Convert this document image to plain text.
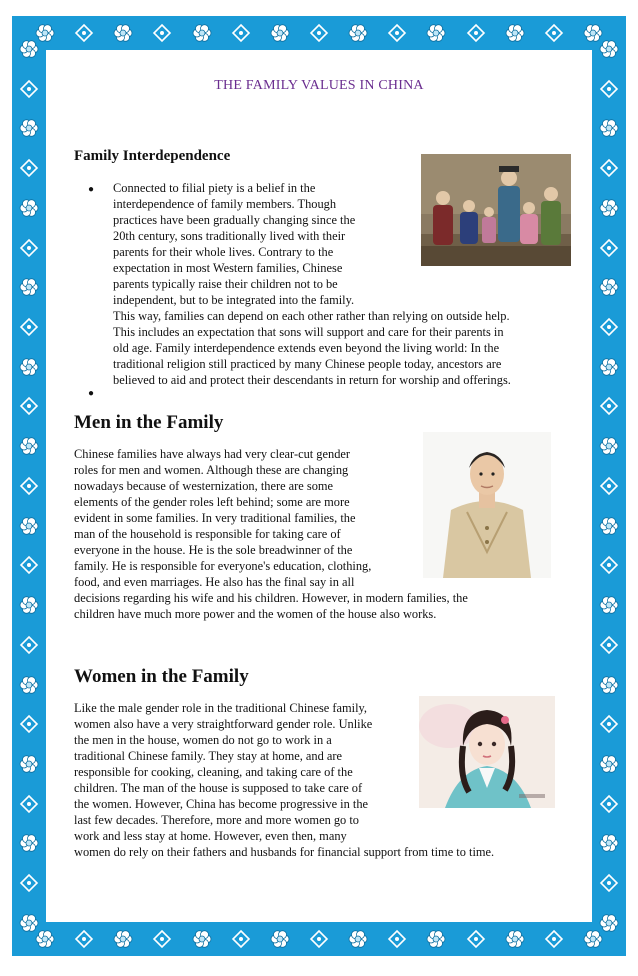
THE FAMILY VALUES IN CHINA
Family Interdependence
● Connected to filial piety is a belief in the
interdependence of family members. Though
practices have been gradually changing since the
20th century, sons traditionally lived with their
parents for their whole lives. Contrary to the
expectation in most Western families, Chinese
parents typically raise their children not to be
independent, but to be integrated into the family.
This way, families can depend on each other rather than relying on outside help.
This includes an expectation that sons will support and care for their parents in
old age. Family interdependence extends even beyond the living world: In the
traditional religion still practiced by many Chinese people today, ancestors are
believed to aid and protect their descendants in return for worship and offerings.
●
Men in the Family
Chinese families have always had very clear-cut gender
roles for men and women. Although these are changing
nowadays because of westernization, there are some
elements of the gender roles left behind; some are more
evident in some families. In very traditional families, the
man of the household is responsible for taking care of
everyone in the house. He is the sole breadwinner of the
family. He is responsible for everyone's education, clothing,
food, and even marriages. He also has the final say in all
decisions regarding his wife and his children. However, in modern families, the
children have much more power and the women of the house also works.
Women in the Family
Like the male gender role in the traditional Chinese family,
women also have a very straightforward gender role. Unlike
the men in the house, women do not go to work in a
traditional Chinese family. They stay at home, and are
responsible for cooking, cleaning, and taking care of the
children. The man of the house is supposed to take care of
the women. However, China has become progressive in the
last few decades. Therefore, more and more women go to
work and less stay at home. However, even then, many
women do rely on their fathers and husbands for financial support from time to time.
